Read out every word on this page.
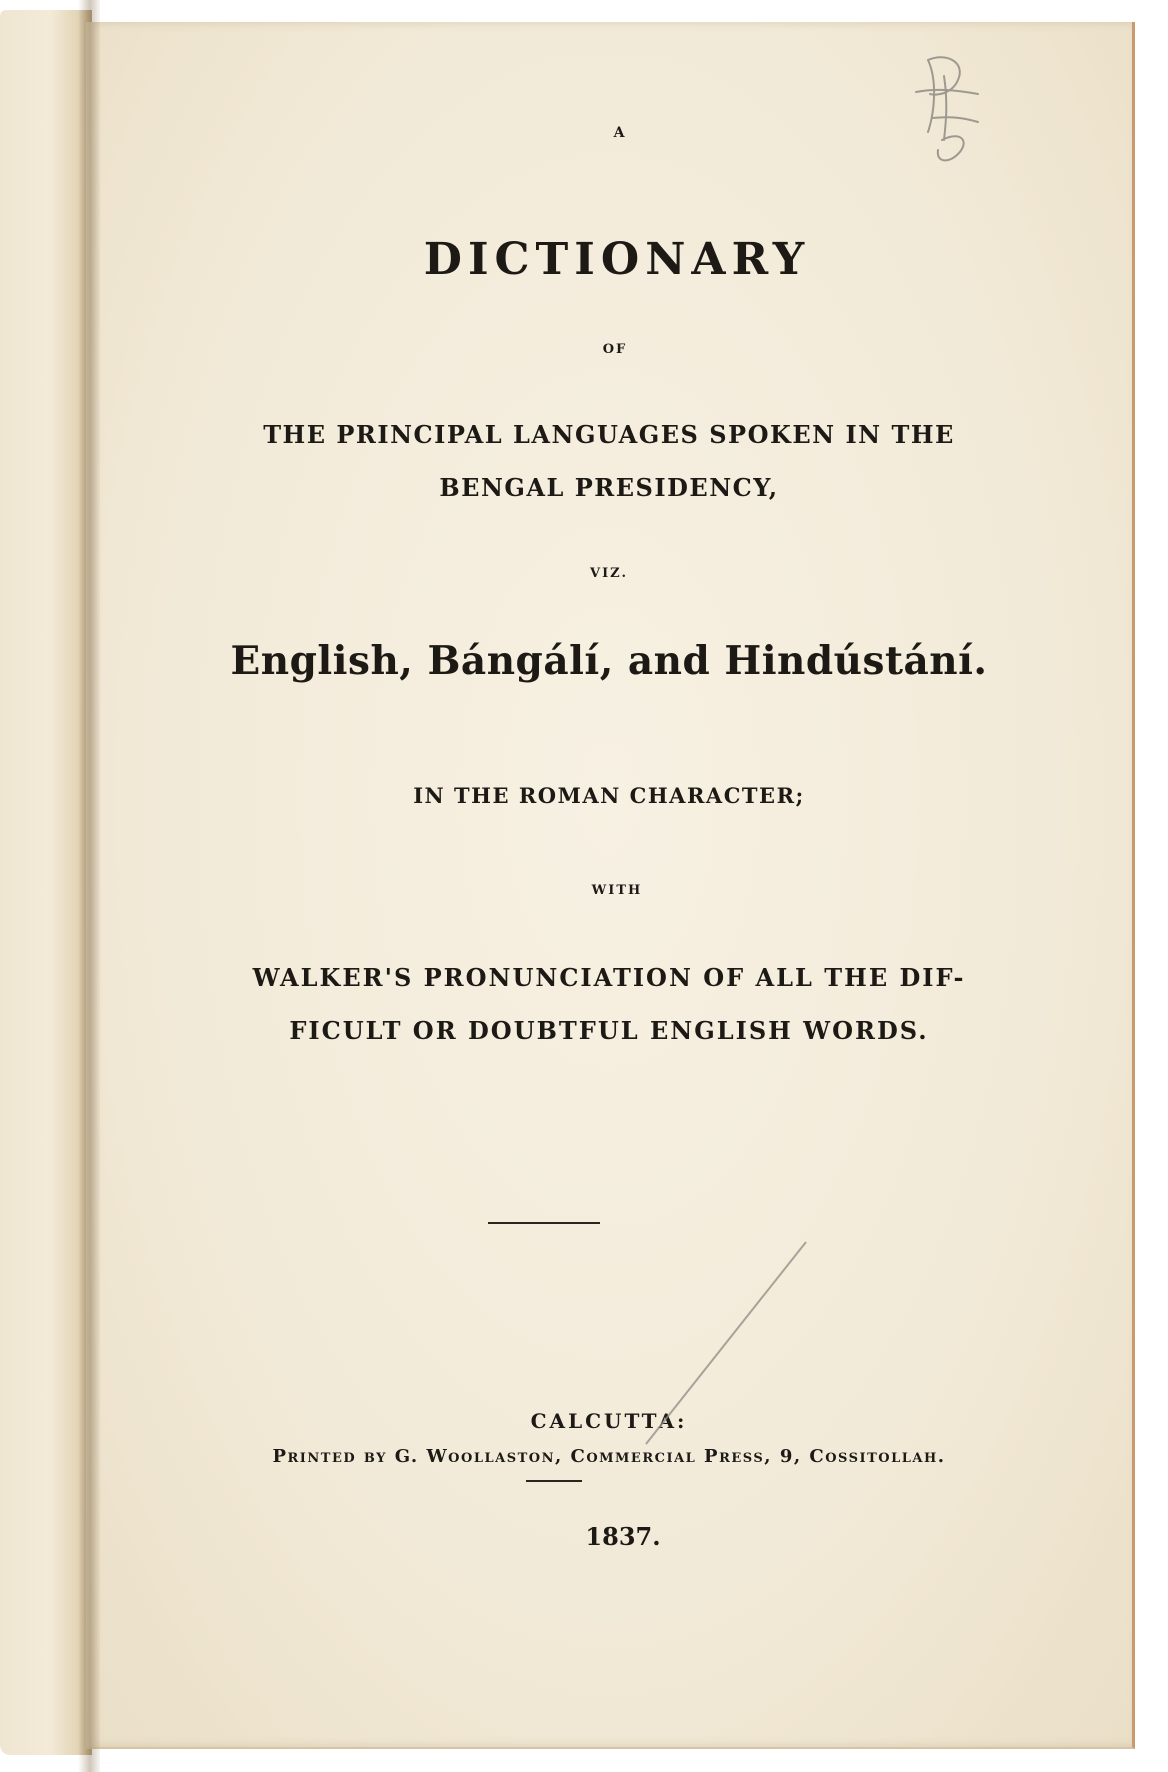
A
DICTIONARY
OF
THE PRINCIPAL LANGUAGES SPOKEN IN THE
BENGAL PRESIDENCY,
VIZ.
English, Bángálí, and Hindústání.
IN THE ROMAN CHARACTER;
WITH
WALKER'S PRONUNCIATION OF ALL THE DIF-
FICULT OR DOUBTFUL ENGLISH WORDS.
CALCUTTA:
Printed by G. Woollaston, Commercial Press, 9, Cossitollah.
1837.
